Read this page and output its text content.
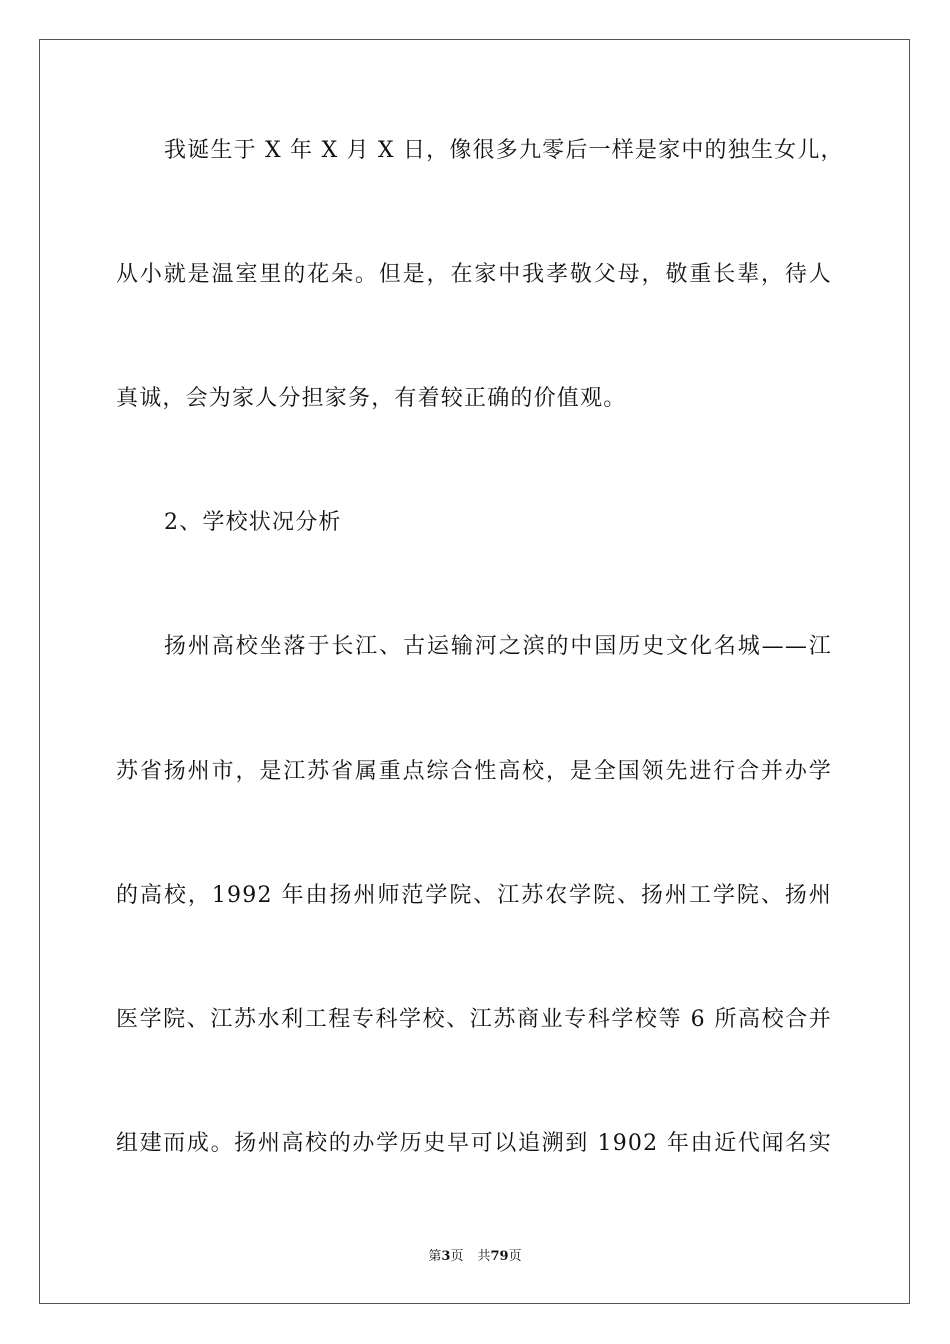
我诞生于 X 年 X 月 X 日，像很多九零后一样是家中的独生女儿，
从小就是温室里的花朵。但是，在家中我孝敬父母，敬重长辈，待人
真诚，会为家人分担家务，有着较正确的价值观。
2、学校状况分析
扬州高校坐落于长江、古运输河之滨的中国历史文化名城——江
苏省扬州市，是江苏省属重点综合性高校，是全国领先进行合并办学
的高校，1992 年由扬州师范学院、江苏农学院、扬州工学院、扬州
医学院、江苏水利工程专科学校、江苏商业专科学校等 6 所高校合并
组建而成。扬州高校的办学历史早可以追溯到 1902 年由近代闻名实
第3页 共79页
